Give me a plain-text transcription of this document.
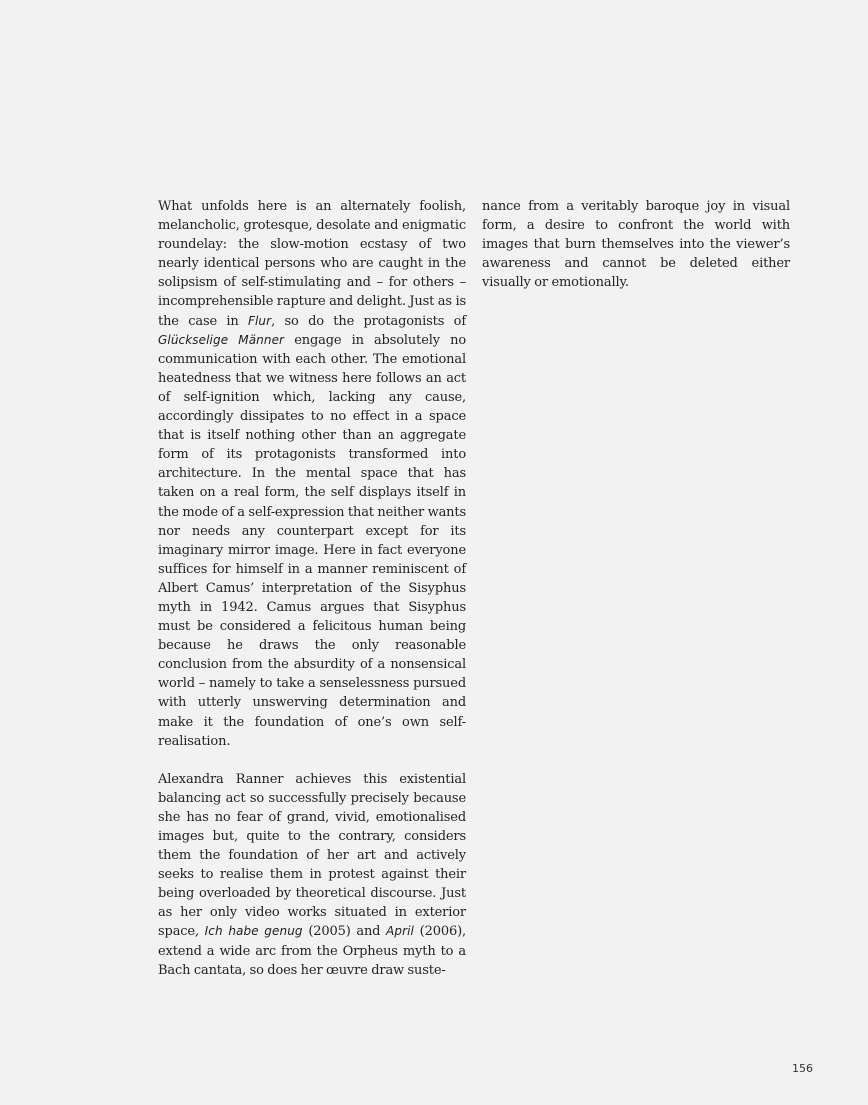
What unfolds here is an alternately foolish, melancholic, grotesque, desolate and enigmatic roundelay: the slow-motion ecstasy of two nearly identical persons who are caught in the solipsism of self-stimulating and – for others – incomprehensible rapture and delight. Just as is the case in Flur, so do the protagonists of Glückselige Männer engage in absolutely no communication with each other. The emotional heatedness that we witness here follows an act of self-ignition which, lacking any cause, accordingly dissipates to no effect in a space that is itself nothing other than an aggregate form of its protagonists transformed into architecture. In the mental space that has taken on a real form, the self displays itself in the mode of a self-expression that neither wants nor needs any counterpart except for its imaginary mirror image. Here in fact everyone suffices for himself in a manner reminiscent of Albert Camus’ interpretation of the Sisyphus myth in 1942. Camus argues that Sisyphus must be considered a felicitous human being because he draws the only reasonable conclusion from the absurdity of a nonsensical world – namely to take a senselessness pursued with utterly unswerving determination and make it the foundation of one’s own self-realisation.

Alexandra Ranner achieves this existential balancing act so successfully precisely because she has no fear of grand, vivid, emotionalised images but, quite to the contrary, considers them the foundation of her art and actively seeks to realise them in protest against their being overloaded by theoretical discourse. Just as her only video works situated in exterior space, Ich habe genug (2005) and April (2006), extend a wide arc from the Orpheus myth to a Bach cantata, so does her œuvre draw suste-

nance from a veritably baroque joy in visual form, a desire to confront the world with images that burn themselves into the viewer’s awareness and cannot be deleted either visually or emotionally.

156
